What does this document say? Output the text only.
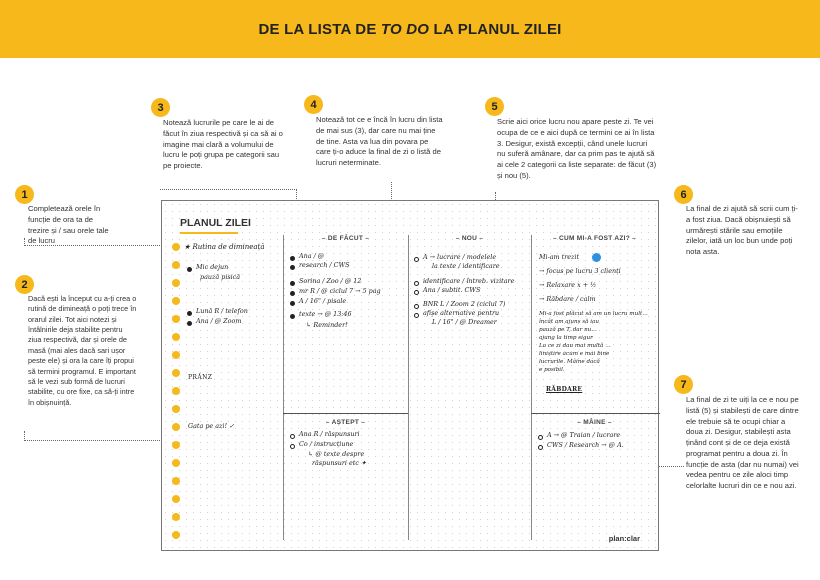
DE LA LISTA DE TO DO LA PLANUL ZILEI
1
2
3	4	5
6
7
Completează orele în funcție de ora ta de trezire și / sau orele tale de lucru
Dacă ești la început cu a-ți crea o rutină de dimineață o poți trece în orarul zilei. Tot aici notezi și întâlnirile deja stabilite pentru ziua respectivă, dar și orele de masă (mai ales dacă sari ușor peste ele) și ora la care îți propui să termini programul. E important să le vezi sub formă de lucruri stabilite, cu ore fixe, ca să-ți intre în obișnuință.
Notează lucrurile pe care le ai de făcut în ziua respectivă și ca să ai o imagine mai clară a volumului de lucru le poți grupa pe categorii sau pe proiecte.
Notează tot ce e încă în lucru din lista de mai sus (3), dar care nu mai ține de tine. Asta va lua din povara pe care ți-o aduce la final de zi o listă de lucruri neterminate.
Scrie aici orice lucru nou apare peste zi. Te vei ocupa de ce e aici după ce termini ce ai în lista 3. Desigur, există excepții, când unele lucruri nu suferă amânare, dar ca prim pas te ajută să ai cele 2 categorii ca liste separate: de făcut (3) și nou (5).
La final de zi ajută să scrii cum ți-a fost ziua. Dacă obișnuiești să urmărești stările sau emoțiile zilelor, iată un loc bun unde poți nota asta.
La final de zi te uiți la ce e nou pe listă (5) și stabilești de care dintre ele trebuie să te ocupi chiar a doua zi. Desigur, stabilești asta ținând cont și de ce deja există programat pentru a doua zi. În funcție de asta (dar nu numai) vei vedea pentru ce zile aloci timp celorlalte lucruri din ce e nou azi.
PLANUL ZILEI
★ Rutina de dimineață
Mic dejun
pauză pisică
Lună R / telefon
Ana / @ Zoom
PRÂNZ
Gata pe azi! ✓
– DE FĂCUT –
Ana / @
research / CWS
Sorina / Zoo / @ 12
mr R / @ ciclul 7 → 5 pag
A / 16" / pisale
texte → @ 13:46
↳ Reminder!
– AȘTEPT –
Ana R / răspunsuri
Co / instrucțiune
↳ @ texte despre
răspunsuri etc ✦
– NOU –
A → lucrare / modelele
la texte / identificare
identificare / întreb. vizitare
Ana / subtit. CWS
BNR L / Zoom 2 (ciclul 7)
afișe alternative pentru
L / 16" / @ Dreamer
– CUM MI-A FOST AZI? –
Mi-am trezit
→ focus pe lucru 3 clienți
→ Relaxare x + ½
→ Răbdare / calm
Mi-a fost plăcut să am un lucru mult…
încât am ajuns să iau
pauză pe T, dar nu…
ajung la timp sigur
La ce zi dau mai multă …
liniștire acum e mai bine
lucrurile. Mâine dacă
e posibil.
RĂBDARE
– MÂINE –
A → @ Traian / lucrare
CWS / Research → @ A.
plan:clar
